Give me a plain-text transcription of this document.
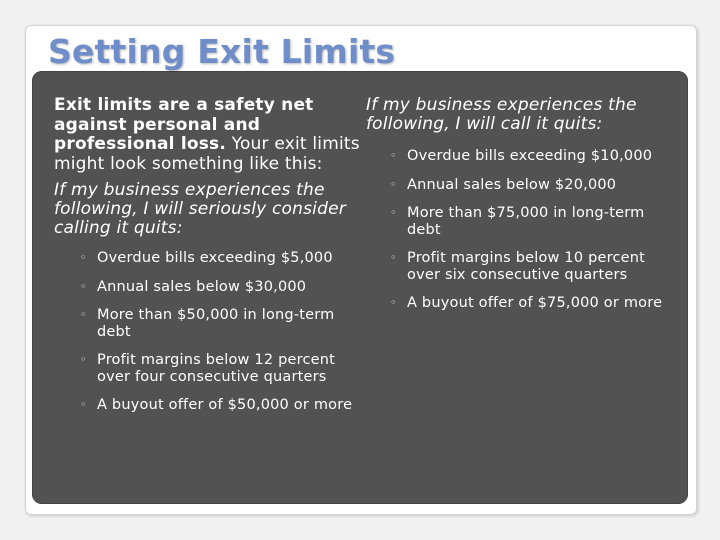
Setting Exit Limits

Exit limits are a safety net against personal and professional loss. Your exit limits might look something like this:

If my business experiences the following, I will seriously consider calling it quits:

◦ Overdue bills exceeding $5,000
◦ Annual sales below $30,000
◦ More than $50,000 in long-term debt
◦ Profit margins below 12 percent over four consecutive quarters
◦ A buyout offer of $50,000 or more

If my business experiences the following, I will call it quits:

◦ Overdue bills exceeding $10,000
◦ Annual sales below $20,000
◦ More than $75,000 in long-term debt
◦ Profit margins below 10 percent over six consecutive quarters
◦ A buyout offer of $75,000 or more
